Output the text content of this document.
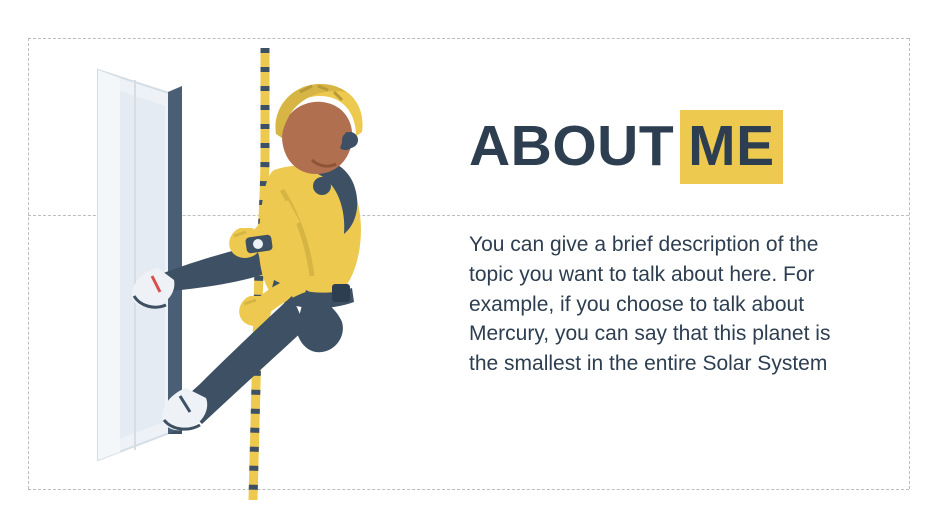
ABOUT ME

You can give a brief description of the topic you want to talk about here. For example, if you choose to talk about Mercury, you can say that this planet is the smallest in the entire Solar System
